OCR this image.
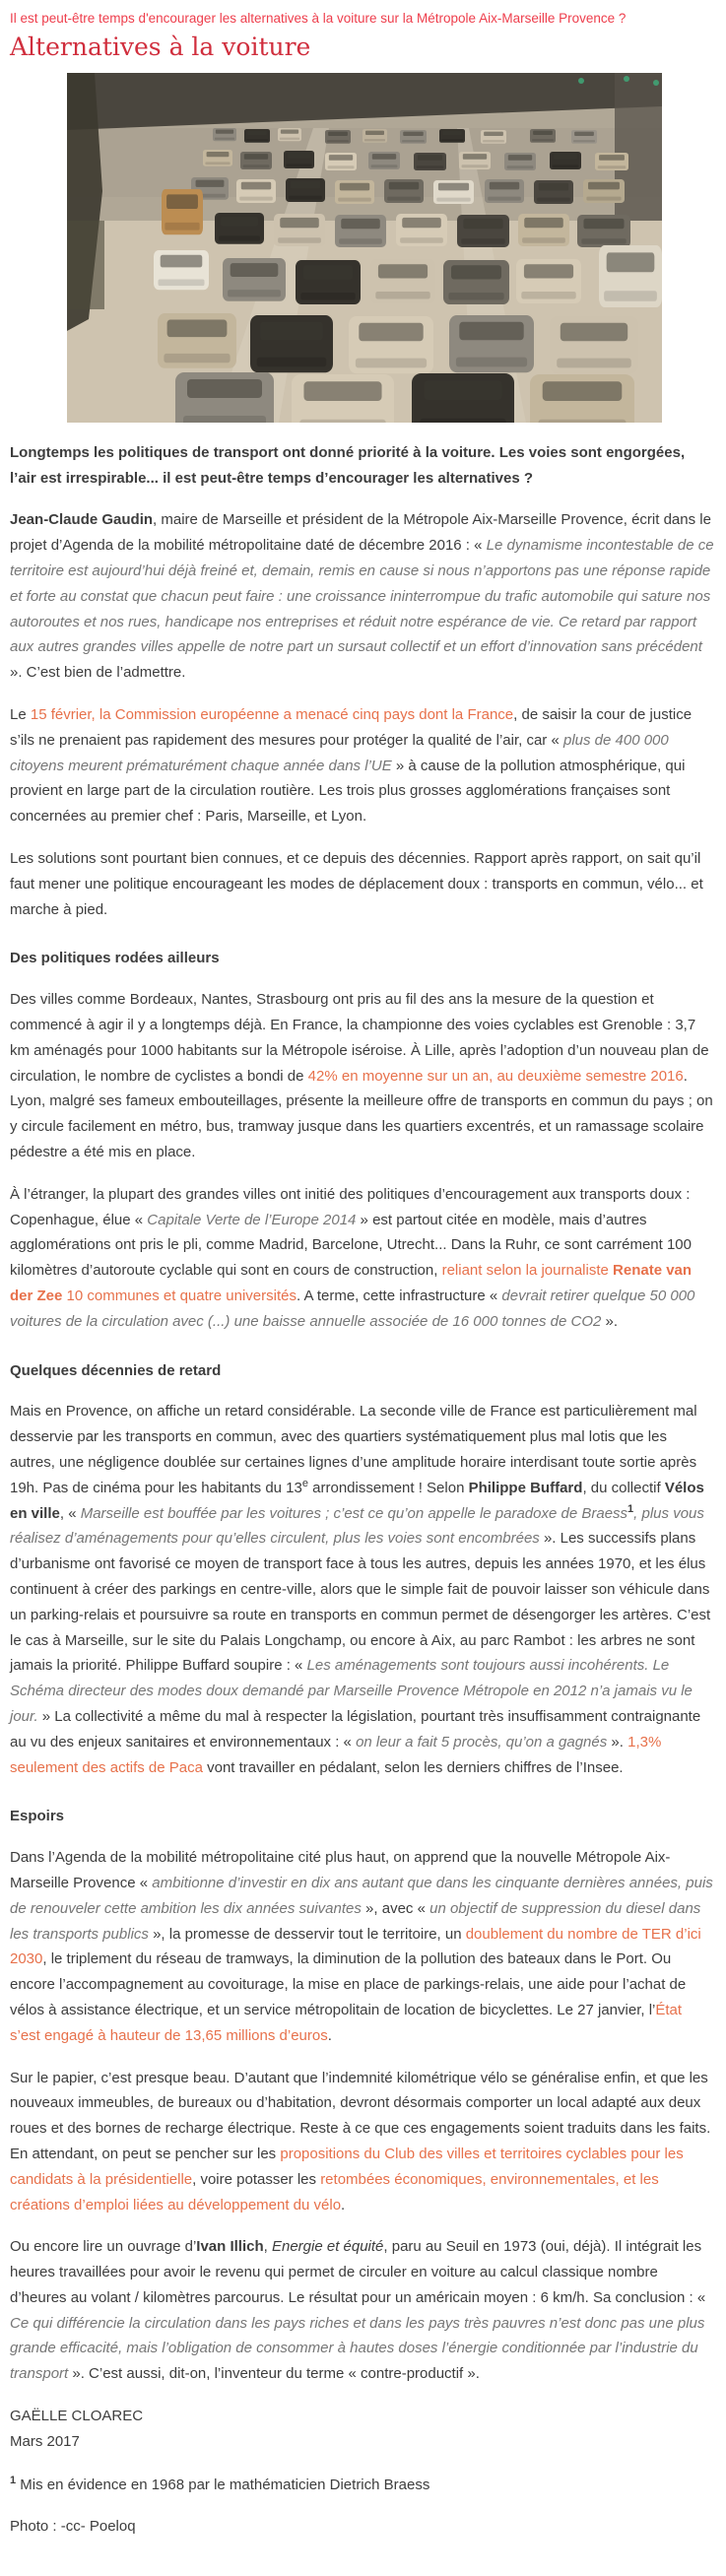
Il est peut-être temps d'encourager les alternatives à la voiture sur la Métropole Aix-Marseille Provence ?
Alternatives à la voiture

Longtemps les politiques de transport ont donné priorité à la voiture. Les voies sont engorgées, l’air est irrespirable... il est peut-être temps d’encourager les alternatives ?

Jean-Claude Gaudin, maire de Marseille et président de la Métropole Aix-Marseille Provence, écrit dans le projet d’Agenda de la mobilité métropolitaine daté de décembre 2016 : « Le dynamisme incontestable de ce territoire est aujourd’hui déjà freiné et, demain, remis en cause si nous n’apportons pas une réponse rapide et forte au constat que chacun peut faire : une croissance ininterrompue du trafic automobile qui sature nos autoroutes et nos rues, handicape nos entreprises et réduit notre espérance de vie. Ce retard par rapport aux autres grandes villes appelle de notre part un sursaut collectif et un effort d’innovation sans précédent ». C’est bien de l’admettre.

Le 15 février, la Commission européenne a menacé cinq pays dont la France, de saisir la cour de justice s’ils ne prenaient pas rapidement des mesures pour protéger la qualité de l’air, car « plus de 400 000 citoyens meurent prématurément chaque année dans l’UE » à cause de la pollution atmosphérique, qui provient en large part de la circulation routière. Les trois plus grosses agglomérations françaises sont concernées au premier chef : Paris, Marseille, et Lyon.

Les solutions sont pourtant bien connues, et ce depuis des décennies. Rapport après rapport, on sait qu’il faut mener une politique encourageant les modes de déplacement doux : transports en commun, vélo... et marche à pied.

Des politiques rodées ailleurs

Des villes comme Bordeaux, Nantes, Strasbourg ont pris au fil des ans la mesure de la question et commencé à agir il y a longtemps déjà. En France, la championne des voies cyclables est Grenoble : 3,7 km aménagés pour 1000 habitants sur la Métropole iséroise. À Lille, après l’adoption d’un nouveau plan de circulation, le nombre de cyclistes a bondi de 42% en moyenne sur un an, au deuxième semestre 2016. Lyon, malgré ses fameux embouteillages, présente la meilleure offre de transports en commun du pays ; on y circule facilement en métro, bus, tramway jusque dans les quartiers excentrés, et un ramassage scolaire pédestre a été mis en place.

À l’étranger, la plupart des grandes villes ont initié des politiques d’encouragement aux transports doux : Copenhague, élue « Capitale Verte de l’Europe 2014 » est partout citée en modèle, mais d’autres agglomérations ont pris le pli, comme Madrid, Barcelone, Utrecht... Dans la Ruhr, ce sont carrément 100 kilomètres d’autoroute cyclable qui sont en cours de construction, reliant selon la journaliste Renate van der Zee 10 communes et quatre universités. A terme, cette infrastructure « devrait retirer quelque 50 000 voitures de la circulation avec (...) une baisse annuelle associée de 16 000 tonnes de CO2 ».

Quelques décennies de retard

Mais en Provence, on affiche un retard considérable. La seconde ville de France est particulièrement mal desservie par les transports en commun, avec des quartiers systématiquement plus mal lotis que les autres, une négligence doublée sur certaines lignes d’une amplitude horaire interdisant toute sortie après 19h. Pas de cinéma pour les habitants du 13e arrondissement ! Selon Philippe Buffard, du collectif Vélos en ville, « Marseille est bouffée par les voitures ; c’est ce qu’on appelle le paradoxe de Braess$^1$, plus vous réalisez d’aménagements pour qu’elles circulent, plus les voies sont encombrées ». Les successifs plans d’urbanisme ont favorisé ce moyen de transport face à tous les autres, depuis les années 1970, et les élus continuent à créer des parkings en centre-ville, alors que le simple fait de pouvoir laisser son véhicule dans un parking-relais et poursuivre sa route en transports en commun permet de désengorger les artères. C’est le cas à Marseille, sur le site du Palais Longchamp, ou encore à Aix, au parc Rambot : les arbres ne sont jamais la priorité. Philippe Buffard soupire : « Les aménagements sont toujours aussi incohérents. Le Schéma directeur des modes doux demandé par Marseille Provence Métropole en 2012 n’a jamais vu le jour. » La collectivité a même du mal à respecter la législation, pourtant très insuffisamment contraignante au vu des enjeux sanitaires et environnementaux : « on leur a fait 5 procès, qu’on a gagnés ». 1,3% seulement des actifs de Paca vont travailler en pédalant, selon les derniers chiffres de l’Insee.

Espoirs

Dans l’Agenda de la mobilité métropolitaine cité plus haut, on apprend que la nouvelle Métropole Aix-Marseille Provence « ambitionne d’investir en dix ans autant que dans les cinquante dernières années, puis de renouveler cette ambition les dix années suivantes », avec « un objectif de suppression du diesel dans les transports publics », la promesse de desservir tout le territoire, un doublement du nombre de TER d’ici 2030, le triplement du réseau de tramways, la diminution de la pollution des bateaux dans le Port. Ou encore l’accompagnement au covoiturage, la mise en place de parkings-relais, une aide pour l’achat de vélos à assistance électrique, et un service métropolitain de location de bicyclettes. Le 27 janvier, l’État s’est engagé à hauteur de 13,65 millions d’euros.

Sur le papier, c’est presque beau. D’autant que l’indemnité kilométrique vélo se généralise enfin, et que les nouveaux immeubles, de bureaux ou d’habitation, devront désormais comporter un local adapté aux deux roues et des bornes de recharge électrique. Reste à ce que ces engagements soient traduits dans les faits. En attendant, on peut se pencher sur les propositions du Club des villes et territoires cyclables pour les candidats à la présidentielle, voire potasser les retombées économiques, environnementales, et les créations d’emploi liées au développement du vélo.

Ou encore lire un ouvrage d’Ivan Illich, Energie et équité, paru au Seuil en 1973 (oui, déjà). Il intégrait les heures travaillées pour avoir le revenu qui permet de circuler en voiture au calcul classique nombre d’heures au volant / kilomètres parcourus. Le résultat pour un américain moyen : 6 km/h. Sa conclusion : « Ce qui différencie la circulation dans les pays riches et dans les pays très pauvres n’est donc pas une plus grande efficacité, mais l’obligation de consommer à hautes doses l’énergie conditionnée par l’industrie du transport ». C’est aussi, dit-on, l’inventeur du terme « contre-productif ».

GAËLLE CLOAREC
Mars 2017

$^1$ Mis en évidence en 1968 par le mathématicien Dietrich Braess

Photo : -cc- Poeloq
